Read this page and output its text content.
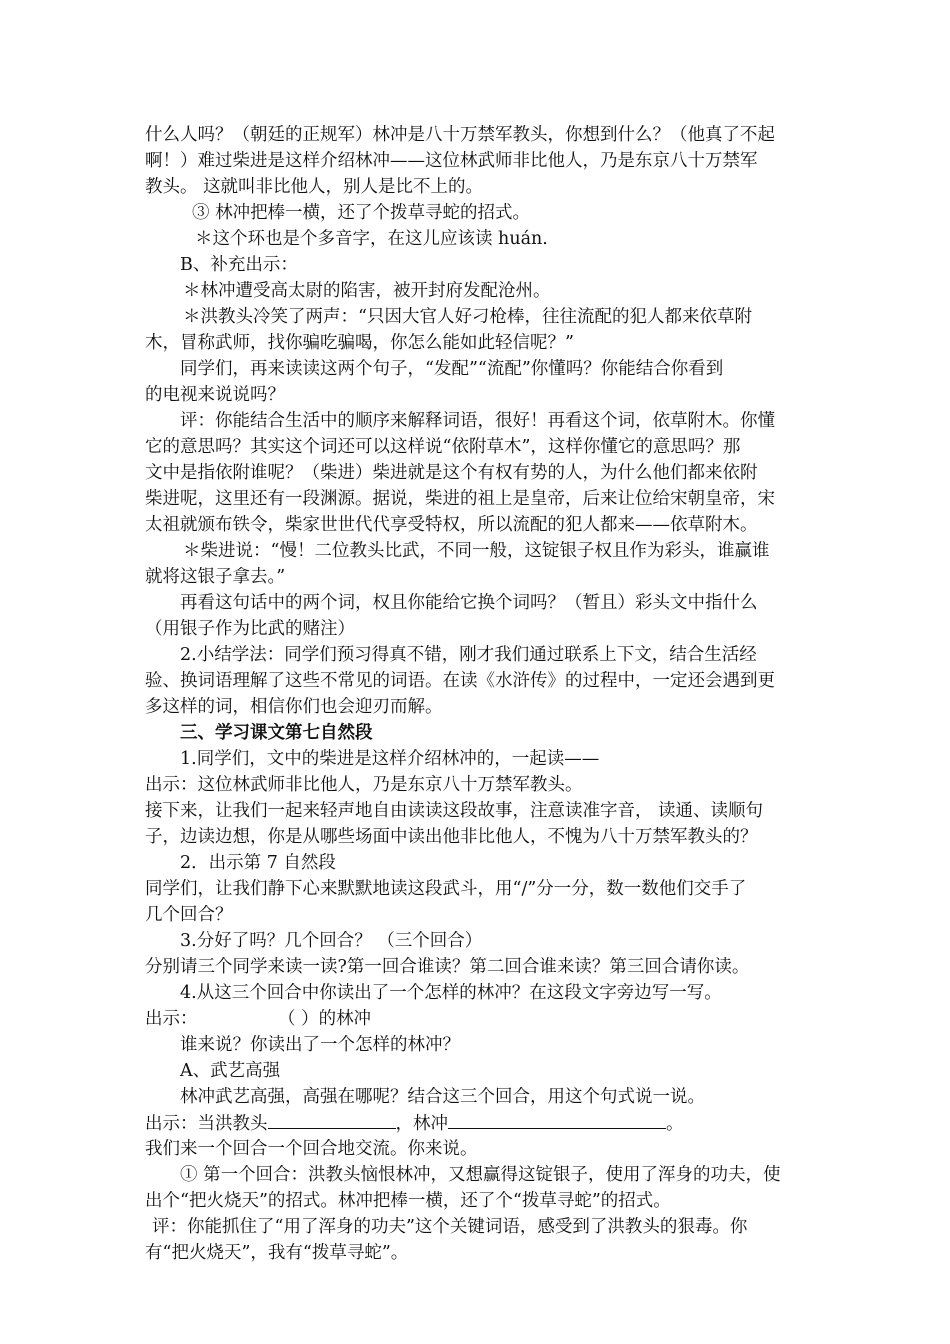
什么人吗？（朝廷的正规军）林冲是八十万禁军教头，你想到什么？（他真了不起
啊！）难过柴进是这样介绍林冲——这位林武师非比他人，乃是东京八十万禁军
教头。 这就叫非比他人，别人是比不上的。
③ 林冲把棒一横，还了个拨草寻蛇的招式。
＊这个环也是个多音字，在这儿应该读 huán.
B、补充出示：
＊林冲遭受高太尉的陷害，被开封府发配沧州。
＊洪教头冷笑了两声：“只因大官人好刁枪棒，往往流配的犯人都来依草附
木，冒称武师，找你骗吃骗喝，你怎么能如此轻信呢？”
同学们，再来读读这两个句子，“发配”“流配”你懂吗？你能结合你看到
的电视来说说吗？
评：你能结合生活中的顺序来解释词语，很好！再看这个词，依草附木。你懂
它的意思吗？其实这个词还可以这样说“依附草木”，这样你懂它的意思吗？那
文中是指依附谁呢？（柴进）柴进就是这个有权有势的人，为什么他们都来依附
柴进呢，这里还有一段渊源。据说，柴进的祖上是皇帝，后来让位给宋朝皇帝，宋
太祖就颁布铁令，柴家世世代代享受特权，所以流配的犯人都来——依草附木。
＊柴进说：“慢！二位教头比武，不同一般，这锭银子权且作为彩头，谁赢谁
就将这银子拿去。”
再看这句话中的两个词，权且你能给它换个词吗？（暂且）彩头文中指什么
（用银子作为比武的赌注）
2.小结学法：同学们预习得真不错，刚才我们通过联系上下文，结合生活经
验、换词语理解了这些不常见的词语。在读《水浒传》的过程中，一定还会遇到更
多这样的词，相信你们也会迎刃而解。
三、学习课文第七自然段
1.同学们，文中的柴进是这样介绍林冲的，一起读——
出示：这位林武师非比他人，乃是东京八十万禁军教头。
接下来，让我们一起来轻声地自由读读这段故事，注意读准字音， 读通、读顺句
子，边读边想，你是从哪些场面中读出他非比他人，不愧为八十万禁军教头的？
2．出示第 7 自然段
同学们，让我们静下心来默默地读这段武斗，用“/”分一分，数一数他们交手了
几个回合？
3.分好了吗？几个回合？ （三个回合）
分别请三个同学来读一读?第一回合谁读？第二回合谁来读？第三回合请你读。
4.从这三个回合中你读出了一个怎样的林冲？在这段文字旁边写一写。
出示：	（ ）的林冲
谁来说？你读出了一个怎样的林冲？
A、武艺高强
林冲武艺高强，高强在哪呢？结合这三个回合，用这个句式说一说。
出示：当洪教头	，林冲	。
我们来一个回合一个回合地交流。你来说。
① 第一个回合：洪教头恼恨林冲，又想赢得这锭银子，使用了浑身的功夫，使
出个“把火烧天”的招式。林冲把棒一横，还了个“拨草寻蛇”的招式。
评：你能抓住了“用了浑身的功夫”这个关键词语，感受到了洪教头的狠毒。你
有“把火烧天”，我有“拨草寻蛇”。
